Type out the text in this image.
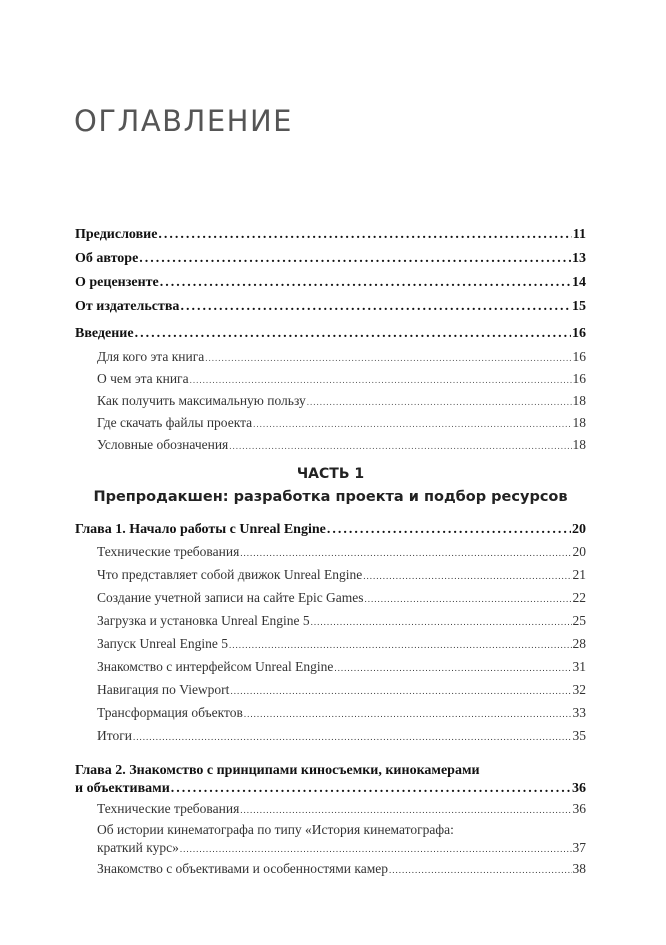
ОГЛАВЛЕНИЕ
Предисловие .....	11
Об авторе .....	13
О рецензенте .....	14
От издательства .....	15
Введение .....	16
Для кого эта книга .....	16
О чем эта книга .....	16
Как получить максимальную пользу .....	18
Где скачать файлы проекта .....	18
Условные обозначения .....	18
ЧАСТЬ 1
Препродакшен: разработка проекта и подбор ресурсов
Глава 1. Начало работы с Unreal Engine .....	20
Технические требования .....	20
Что представляет собой движок Unreal Engine .....	21
Создание учетной записи на сайте Epic Games .....	22
Загрузка и установка Unreal Engine 5 .....	25
Запуск Unreal Engine 5 .....	28
Знакомство с интерфейсом Unreal Engine .....	31
Навигация по Viewport .....	32
Трансформация объектов .....	33
Итоги .....	35
Глава 2. Знакомство с принципами киносъемки, кинокамерами
и объективами .....	36
Технические требования .....	36
Об истории кинематографа по типу «История кинематографа:
краткий курс» .....	37
Знакомство с объективами и особенностями камер .....	38
